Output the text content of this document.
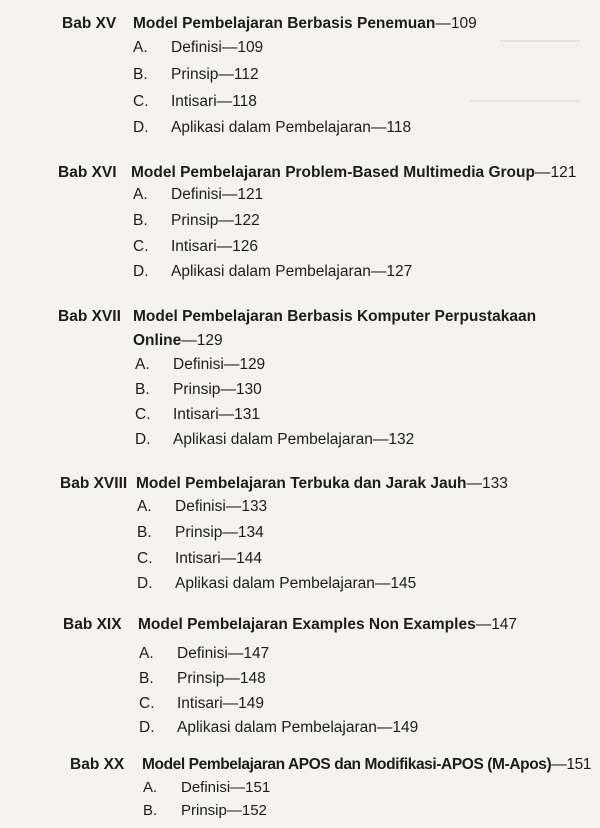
Bab XV Model Pembelajaran Berbasis Penemuan—109
A. Definisi—109
B. Prinsip—112
C. Intisari—118
D. Aplikasi dalam Pembelajaran—118
Bab XVI Model Pembelajaran Problem-Based Multimedia Group—121
A. Definisi—121
B. Prinsip—122
C. Intisari—126
D. Aplikasi dalam Pembelajaran—127
Bab XVII Model Pembelajaran Berbasis Komputer Perpustakaan
Online—129
A. Definisi—129
B. Prinsip—130
C. Intisari—131
D. Aplikasi dalam Pembelajaran—132
Bab XVIII Model Pembelajaran Terbuka dan Jarak Jauh—133
A. Definisi—133
B. Prinsip—134
C. Intisari—144
D. Aplikasi dalam Pembelajaran—145
Bab XIX Model Pembelajaran Examples Non Examples—147
A. Definisi—147
B. Prinsip—148
C. Intisari—149
D. Aplikasi dalam Pembelajaran—149
Bab XX Model Pembelajaran APOS dan Modifikasi-APOS (M-Apos)—151
A. Definisi—151
B. Prinsip—152
